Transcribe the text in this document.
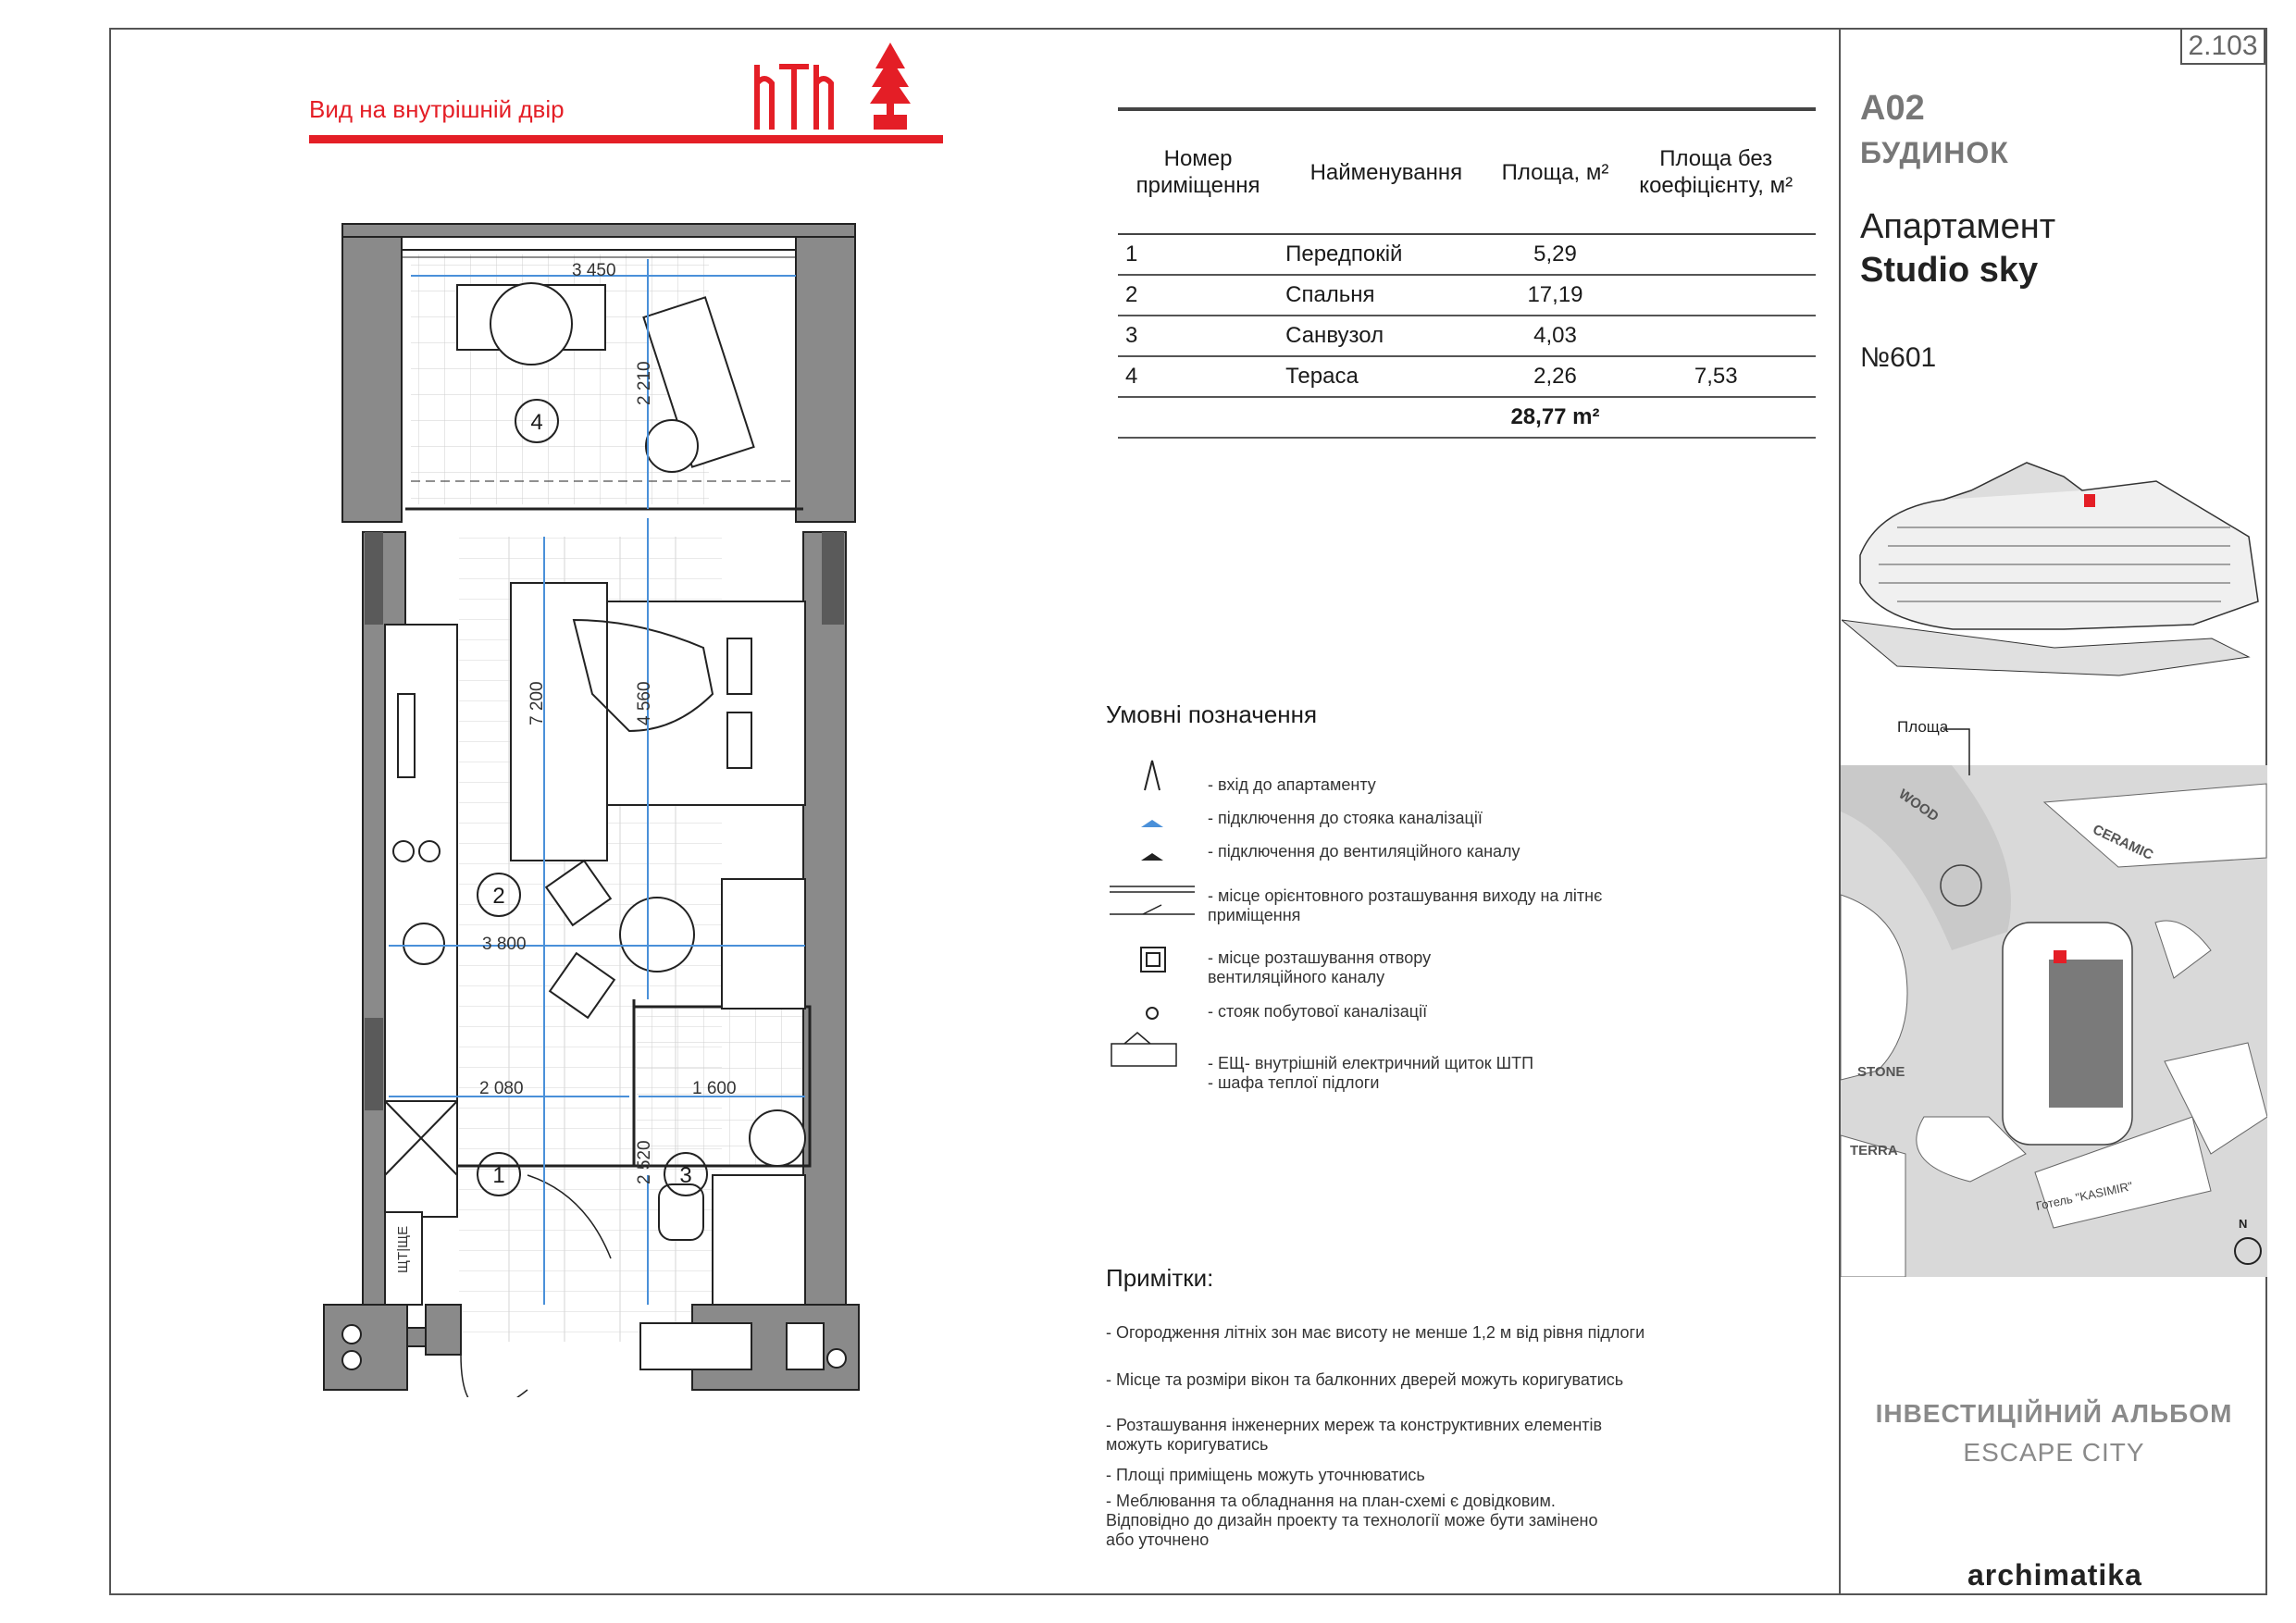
2.103
Вид на внутрішній двір
4
2
1	3
3 450
2 210
7 200	4 560
3 800
2 080	1 600
2 520
ЩТ|ЩЕ
Номер приміщення	Найменування	Площа, м²	Площа без коефіцієнту, м²
1	Передпокій	5,29	
2	Спальня	17,19	
3	Санвузол	4,03	
4	Тераса	2,26	7,53
		28,77 m²	
Умовні позначення
- вхід до апартаменту
- підключення до стояка каналізації
- підключення до вентиляційного каналу
- місце орієнтовного розташування виходу на літнє приміщення
- місце розташування отвору вентиляційного каналу
- стояк побутової каналізації
- ЕЩ- внутрішній електричний щиток ШТП - шафа теплої підлоги
Примітки:
- Огородження літніх зон має висоту не менше 1,2 м від рівня підлоги
- Місце та розміри вікон та балконних дверей можуть коригуватись
- Розташування інженерних мереж та конструктивних елементів можуть коригуватись
- Площі приміщень можуть уточнюватись
- Меблювання та обладнання на план-схемі є довідковим. Відповідно до дизайн проекту та технології може бути замінено або уточнено
A02
БУДИНОК
Апартамент
Studio sky
№601
WOOD
CERAMIC
STONE
TERRA
Готель "KASIMIR"
N
Площа
ІНВЕСТИЦІЙНИЙ АЛЬБОМ
ESCAPE CITY
archimatika
